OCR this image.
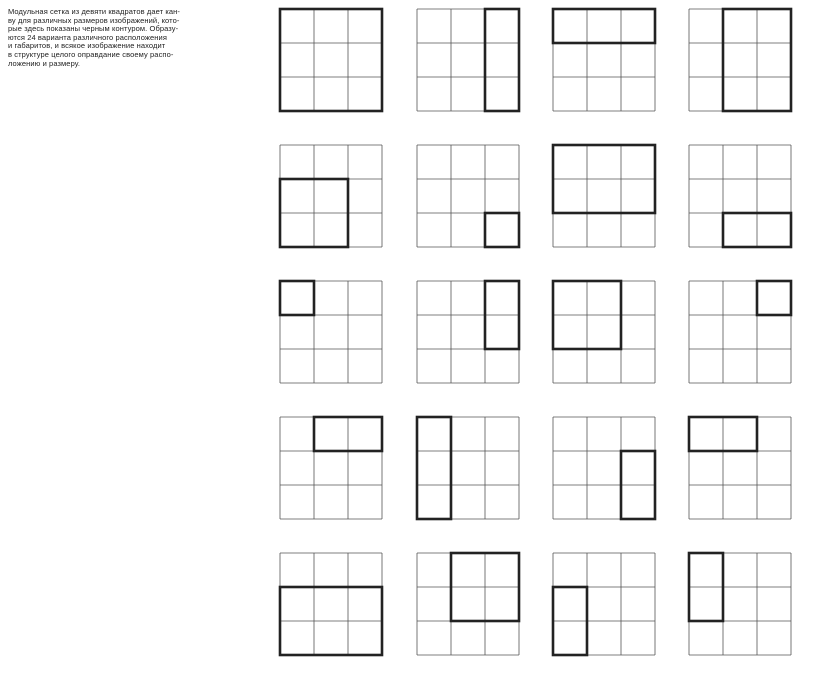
Модульная сетка из девяти квадратов дает кан-
ву для различных размеров изображений, кото-
рые здесь показаны черным контуром. Образу-
ются 24 варианта различного расположения
и габаритов, и всякое изображение находит
в структуре целого оправдание своему распо-
ложению и размеру.
